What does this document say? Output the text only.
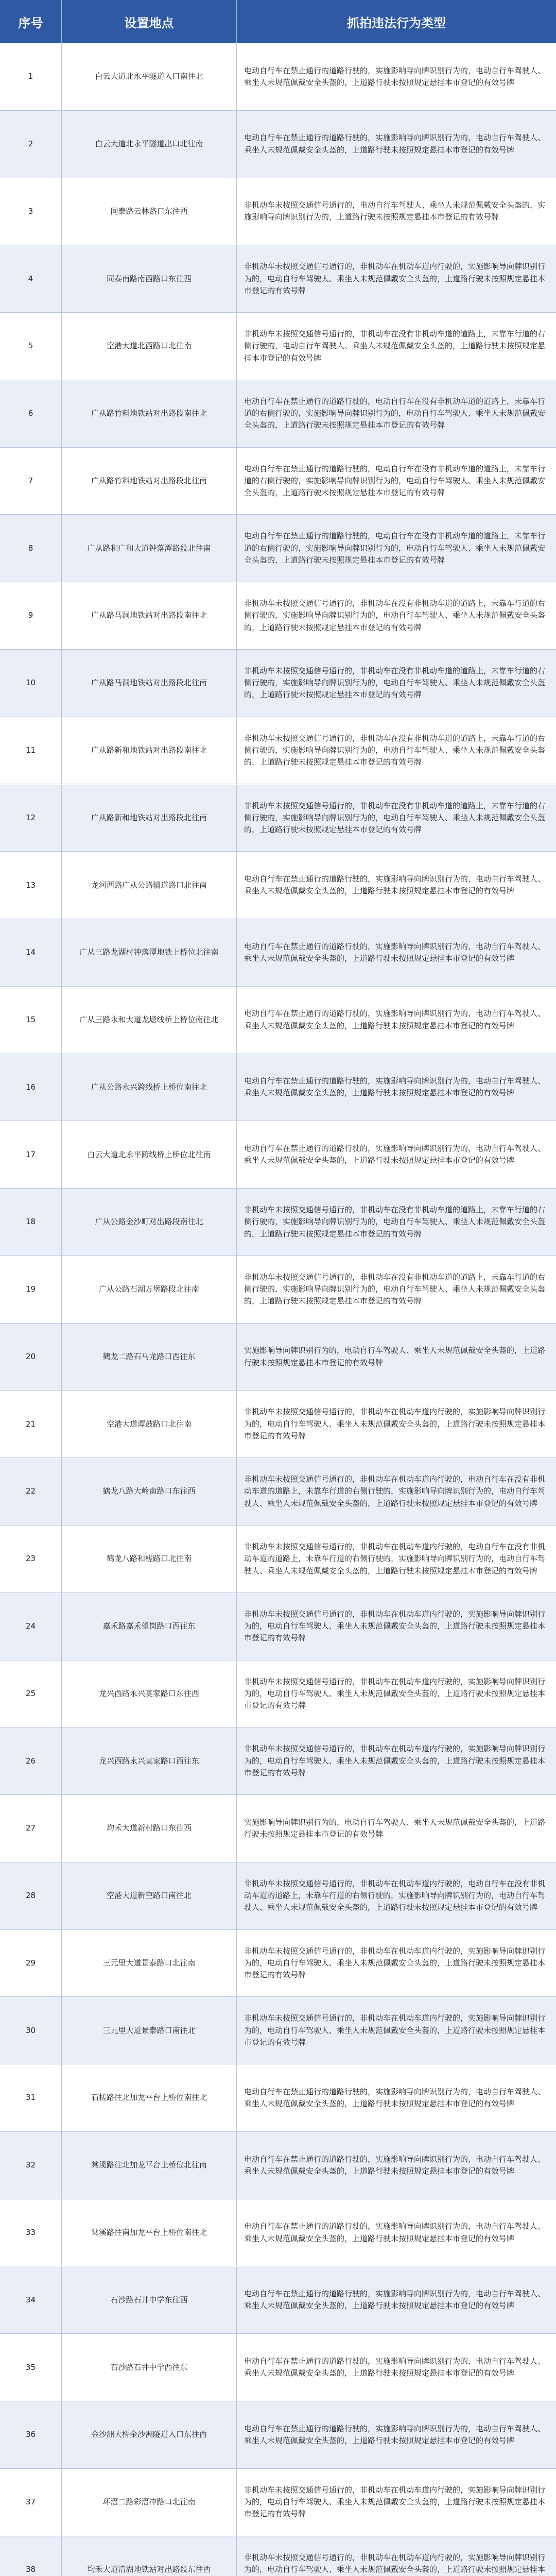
序号	设置地点	抓拍违法行为类型
1	白云大道北永平隧道入口南往北
电动自行车在禁止通行的道路行驶的，实施影响导向牌识别行为的，电动自行车驾驶人、乘坐人未规范佩戴安全头盔的，上道路行驶未按照规定悬挂本市登记的有效号牌
2	白云大道北永平隧道出口北往南
电动自行车在禁止通行的道路行驶的，实施影响导向牌识别行为的，电动自行车驾驶人、乘坐人未规范佩戴安全头盔的，上道路行驶未按照规定悬挂本市登记的有效号牌
3	同泰路云林路口东往西
非机动车未按照交通信号通行的，电动自行车驾驶人、乘坐人未规范佩戴安全头盔的，实施影响导向牌识别行为的，上道路行驶未按照规定悬挂本市登记的有效号牌
4	同泰南路南西路口东往西
非机动车未按照交通信号通行的，非机动车在机动车道内行驶的，实施影响导向牌识别行为的，电动自行车驾驶人、乘坐人未规范佩戴安全头盔的，上道路行驶未按照规定悬挂本市登记的有效号牌
5	空港大道北西路口北往南
非机动车未按照交通信号通行的，非机动车在没有非机动车道的道路上，未靠车行道的右侧行驶的，电动自行车驾驶人、乘坐人未规范佩戴安全头盔的，上道路行驶未按照规定悬挂本市登记的有效号牌
6	广从路竹料地铁站对出路段南往北
电动自行车在禁止通行的道路行驶的，电动自行车在没有非机动车道的道路上，未靠车行道的右侧行驶的，实施影响导向牌识别行为的，电动自行车驾驶人、乘坐人未规范佩戴安全头盔的，上道路行驶未按照规定悬挂本市登记的有效号牌
7	广从路竹料地铁站对出路段北往南
电动自行车在禁止通行的道路行驶的，电动自行车在没有非机动车道的道路上，未靠车行道的右侧行驶的，实施影响导向牌识别行为的，电动自行车驾驶人、乘坐人未规范佩戴安全头盔的，上道路行驶未按照规定悬挂本市登记的有效号牌
8	广从路和广和大道钟落潭路段北往南
电动自行车在禁止通行的道路行驶的，电动自行车在没有非机动车道的道路上，未靠车行道的右侧行驶的，实施影响导向牌识别行为的，电动自行车驾驶人、乘坐人未规范佩戴安全头盔的，上道路行驶未按照规定悬挂本市登记的有效号牌
9	广从路马洞地铁站对出路段南往北
非机动车未按照交通信号通行的，非机动车在没有非机动车道的道路上，未靠车行道的右侧行驶的，实施影响导向牌识别行为的，电动自行车驾驶人、乘坐人未规范佩戴安全头盔的，上道路行驶未按照规定悬挂本市登记的有效号牌
10	广从路马洞地铁站对出路段北往南
非机动车未按照交通信号通行的，非机动车在没有非机动车道的道路上，未靠车行道的右侧行驶的，实施影响导向牌识别行为的，电动自行车驾驶人、乘坐人未规范佩戴安全头盔的，上道路行驶未按照规定悬挂本市登记的有效号牌
11	广从路新和地铁站对出路段南往北
非机动车未按照交通信号通行的，非机动车在没有非机动车道的道路上，未靠车行道的右侧行驶的，实施影响导向牌识别行为的，电动自行车驾驶人、乘坐人未规范佩戴安全头盔的，上道路行驶未按照规定悬挂本市登记的有效号牌
12	广从路新和地铁站对出路段北往南
非机动车未按照交通信号通行的，非机动车在没有非机动车道的道路上，未靠车行道的右侧行驶的，实施影响导向牌识别行为的，电动自行车驾驶人、乘坐人未规范佩戴安全头盔的，上道路行驶未按照规定悬挂本市登记的有效号牌
13	龙河西路广从公路辅道路口北往南
电动自行车在禁止通行的道路行驶的，实施影响导向牌识别行为的，电动自行车驾驶人、乘坐人未规范佩戴安全头盔的，上道路行驶未按照规定悬挂本市登记的有效号牌
14	广从三路龙湖村钟落潭地铁上桥位北往南
电动自行车在禁止通行的道路行驶的，实施影响导向牌识别行为的，电动自行车驾驶人、乘坐人未规范佩戴安全头盔的，上道路行驶未按照规定悬挂本市登记的有效号牌
15	广从三路永和大道龙塘线桥上桥位南往北
电动自行车在禁止通行的道路行驶的，实施影响导向牌识别行为的，电动自行车驾驶人、乘坐人未规范佩戴安全头盔的，上道路行驶未按照规定悬挂本市登记的有效号牌
16	广从公路永兴跨线桥上桥位南往北
电动自行车在禁止通行的道路行驶的，实施影响导向牌识别行为的，电动自行车驾驶人、乘坐人未规范佩戴安全头盔的，上道路行驶未按照规定悬挂本市登记的有效号牌
17	白云大道北永平跨线桥上桥位北往南
电动自行车在禁止通行的道路行驶的，实施影响导向牌识别行为的，电动自行车驾驶人、乘坐人未规范佩戴安全头盔的，上道路行驶未按照规定悬挂本市登记的有效号牌
18	广从公路金沙町对出路段南往北
非机动车未按照交通信号通行的，非机动车在没有非机动车道的道路上，未靠车行道的右侧行驶的，实施影响导向牌识别行为的，电动自行车驾驶人、乘坐人未规范佩戴安全头盔的，上道路行驶未按照规定悬挂本市登记的有效号牌
19	广从公路石湖万堡路段北往南
非机动车未按照交通信号通行的，非机动车在没有非机动车道的道路上，未靠车行道的右侧行驶的，实施影响导向牌识别行为的，电动自行车驾驶人、乘坐人未规范佩戴安全头盔的，上道路行驶未按照规定悬挂本市登记的有效号牌
20	鹤龙二路石马龙路口西往东
实施影响导向牌识别行为的，电动自行车驾驶人、乘坐人未规范佩戴安全头盔的，上道路行驶未按照规定悬挂本市登记的有效号牌
21	空港大道谭鼓路口北往南
非机动车未按照交通信号通行的，非机动车在机动车道内行驶的，实施影响导向牌识别行为的，电动自行车驾驶人、乘坐人未规范佩戴安全头盔的，上道路行驶未按照规定悬挂本市登记的有效号牌
22	鹤龙八路大岭南路口东往西
非机动车未按照交通信号通行的，非机动车在机动车道内行驶的，电动自行车在没有非机动车道的道路上，未靠车行道的右侧行驶的，实施影响导向牌识别行为的，电动自行车驾驶人、乘坐人未规范佩戴安全头盔的，上道路行驶未按照规定悬挂本市登记的有效号牌
23	鹤龙八路和槎路口北往南
非机动车未按照交通信号通行的，非机动车在机动车道内行驶的，电动自行车在没有非机动车道的道路上，未靠车行道的右侧行驶的，实施影响导向牌识别行为的，电动自行车驾驶人、乘坐人未规范佩戴安全头盔的，上道路行驶未按照规定悬挂本市登记的有效号牌
24	嘉禾路嘉禾望岗路口西往东
非机动车未按照交通信号通行的，非机动车在机动车道内行驶的，实施影响导向牌识别行为的，电动自行车驾驶人、乘坐人未规范佩戴安全头盔的，上道路行驶未按照规定悬挂本市登记的有效号牌
25	龙兴西路永兴莫家路口东往西
非机动车未按照交通信号通行的，非机动车在机动车道内行驶的，实施影响导向牌识别行为的，电动自行车驾驶人、乘坐人未规范佩戴安全头盔的，上道路行驶未按照规定悬挂本市登记的有效号牌
26	龙兴西路永兴莫家路口西往东
非机动车未按照交通信号通行的，非机动车在机动车道内行驶的，实施影响导向牌识别行为的，电动自行车驾驶人、乘坐人未规范佩戴安全头盔的，上道路行驶未按照规定悬挂本市登记的有效号牌
27	均禾大道新村路口东往西
实施影响导向牌识别行为的，电动自行车驾驶人、乘坐人未规范佩戴安全头盔的，上道路行驶未按照规定悬挂本市登记的有效号牌
28	空港大道新空路口南往北
非机动车未按照交通信号通行的，非机动车在机动车道内行驶的，电动自行车在没有非机动车道的道路上，未靠车行道的右侧行驶的，实施影响导向牌识别行为的，电动自行车驾驶人、乘坐人未规范佩戴安全头盔的，上道路行驶未按照规定悬挂本市登记的有效号牌
29	三元里大道景泰路口北往南
非机动车未按照交通信号通行的，非机动车在机动车道内行驶的，实施影响导向牌识别行为的，电动自行车驾驶人、乘坐人未规范佩戴安全头盔的，上道路行驶未按照规定悬挂本市登记的有效号牌
30	三元里大道景泰路口南往北
非机动车未按照交通信号通行的，非机动车在机动车道内行驶的，实施影响导向牌识别行为的，电动自行车驾驶人、乘坐人未规范佩戴安全头盔的，上道路行驶未按照规定悬挂本市登记的有效号牌
31	石槎路往北加龙平台上桥位南往北
电动自行车在禁止通行的道路行驶的，实施影响导向牌识别行为的，电动自行车驾驶人、乘坐人未规范佩戴安全头盔的，上道路行驶未按照规定悬挂本市登记的有效号牌
32	棠溪路往北加龙平台上桥位北往南
电动自行车在禁止通行的道路行驶的，实施影响导向牌识别行为的，电动自行车驾驶人、乘坐人未规范佩戴安全头盔的，上道路行驶未按照规定悬挂本市登记的有效号牌
33	棠溪路往南加龙平台上桥位南往北
电动自行车在禁止通行的道路行驶的，实施影响导向牌识别行为的，电动自行车驾驶人、乘坐人未规范佩戴安全头盔的，上道路行驶未按照规定悬挂本市登记的有效号牌
34	石沙路石井中学东往西
电动自行车在禁止通行的道路行驶的，实施影响导向牌识别行为的，电动自行车驾驶人、乘坐人未规范佩戴安全头盔的，上道路行驶未按照规定悬挂本市登记的有效号牌
35	石沙路石井中学西往东
电动自行车在禁止通行的道路行驶的，实施影响导向牌识别行为的，电动自行车驾驶人、乘坐人未规范佩戴安全头盔的，上道路行驶未按照规定悬挂本市登记的有效号牌
36	金沙洲大桥金沙洲隧道入口东往西
电动自行车在禁止通行的道路行驶的，实施影响导向牌识别行为的，电动自行车驾驶人、乘坐人未规范佩戴安全头盔的，上道路行驶未按照规定悬挂本市登记的有效号牌
37	环滘二路彩滘冲路口北往南
非机动车未按照交通信号通行的，非机动车在机动车道内行驶的，实施影响导向牌识别行为的，电动自行车驾驶人、乘坐人未规范佩戴安全头盔的，上道路行驶未按照规定悬挂本市登记的有效号牌
38	均禾大道清湖地铁站对出路段东往西
非机动车未按照交通信号通行的，非机动车在机动车道内行驶的，实施影响导向牌识别行为的，电动自行车驾驶人、乘坐人未规范佩戴安全头盔的，上道路行驶未按照规定悬挂本
